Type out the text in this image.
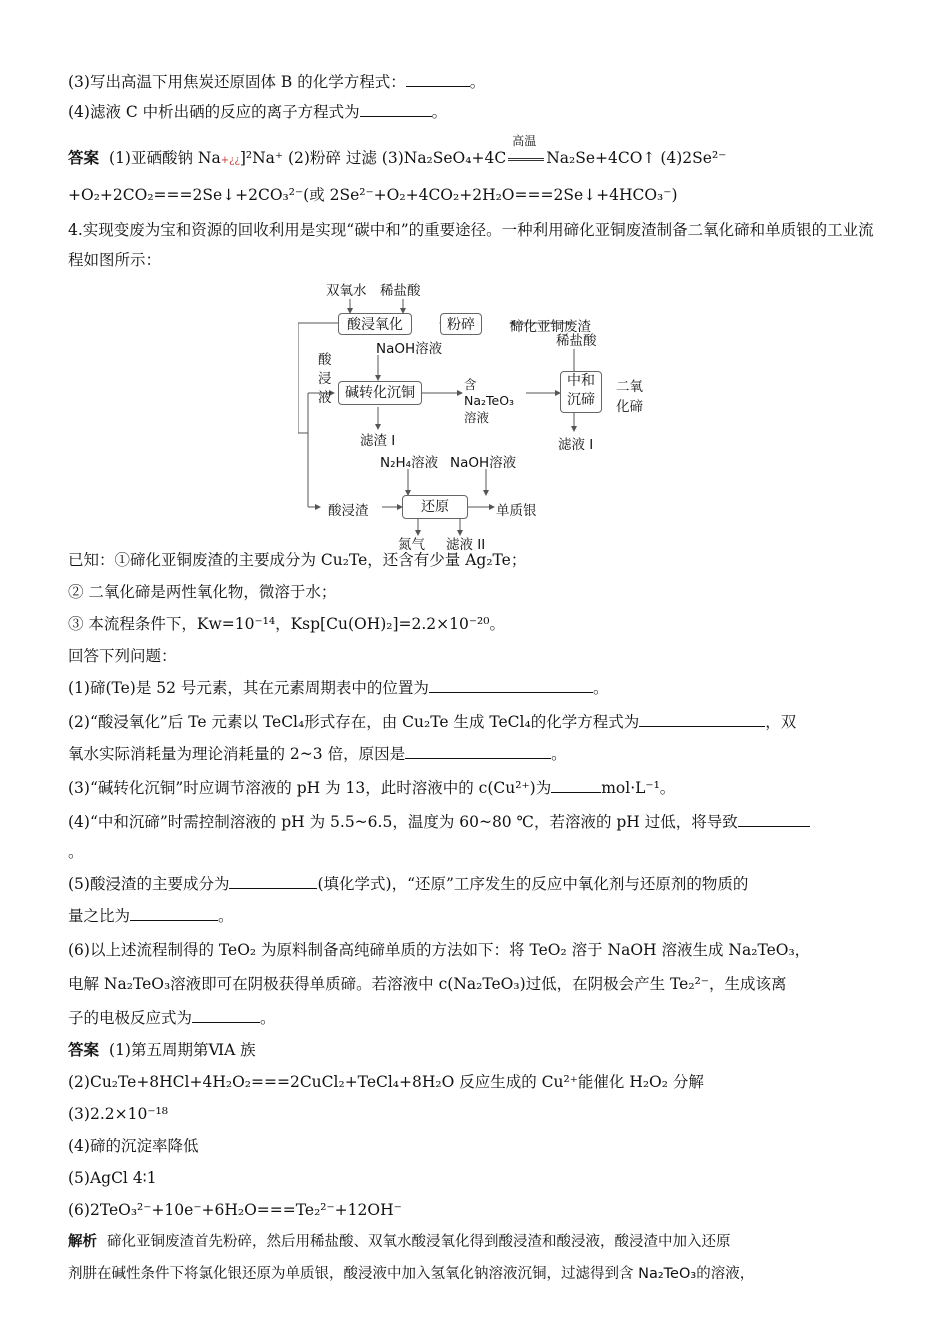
(3)写出高温下用焦炭还原固体 B 的化学方程式：	。

(4)滤液 C 中析出硒的反应的离子方程式为	。

答案 (1)亚硒酸钠 Na+¿¿]²Na⁺ (2)粉碎 过滤 (3)Na₂SeO₄+4C
高温
Na₂Se+4CO↑ (4)2Se²⁻

+O₂+2CO₂===2Se↓+2CO₃²⁻(或 2Se²⁻+O₂+4CO₂+2H₂O===2Se↓+4HCO₃⁻)

4.实现变废为宝和资源的回收利用是实现“碳中和”的重要途径。一种利用碲化亚铜废渣制备二氧化碲和单质银的工业流程如图所示：

双氧水 稀盐酸
酸浸氧化	粉碎	碲化亚铜废渣
NaOH溶液
酸浸液 碱转化沉铜
含Na₂TeO₃溶液
稀盐酸
中和沉碲
二氧化碲
滤渣 I	滤液 I
N₂H₄溶液 NaOH溶液
酸浸渣	还原	单质银
氮气 滤液 II

已知：①碲化亚铜废渣的主要成分为 Cu₂Te，还含有少量 Ag₂Te；

② 二氧化碲是两性氧化物，微溶于水；

③ 本流程条件下，Kw=10⁻¹⁴，Ksp[Cu(OH)₂]=2.2×10⁻²⁰。

回答下列问题：

(1)碲(Te)是 52 号元素，其在元素周期表中的位置为	。

(2)“酸浸氧化”后 Te 元素以 TeCl₄形式存在，由 Cu₂Te 生成 TeCl₄的化学方程式为	，双

氧水实际消耗量为理论消耗量的 2~3 倍，原因是	。

(3)“碱转化沉铜”时应调节溶液的 pH 为 13，此时溶液中的 c(Cu²⁺)为	mol·L⁻¹。

(4)“中和沉碲”时需控制溶液的 pH 为 5.5~6.5，温度为 60~80 ℃，若溶液的 pH 过低，将导致

。

(5)酸浸渣的主要成分为	(填化学式)，“还原”工序发生的反应中氧化剂与还原剂的物质的

量之比为	。

(6)以上述流程制得的 TeO₂ 为原料制备高纯碲单质的方法如下：将 TeO₂ 溶于 NaOH 溶液生成 Na₂TeO₃，

电解 Na₂TeO₃溶液即可在阴极获得单质碲。若溶液中 c(Na₂TeO₃)过低，在阴极会产生 Te₂²⁻，生成该离

子的电极反应式为	。

答案 (1)第五周期第ⅥA 族

(2)Cu₂Te+8HCl+4H₂O₂===2CuCl₂+TeCl₄+8H₂O 反应生成的 Cu²⁺能催化 H₂O₂ 分解

(3)2.2×10⁻¹⁸

(4)碲的沉淀率降低

(5)AgCl 4∶1

(6)2TeO₃²⁻+10e⁻+6H₂O===Te₂²⁻+12OH⁻

解析 碲化亚铜废渣首先粉碎，然后用稀盐酸、双氧水酸浸氧化得到酸浸渣和酸浸液，酸浸渣中加入还原

剂肼在碱性条件下将氯化银还原为单质银，酸浸液中加入氢氧化钠溶液沉铜，过滤得到含 Na₂TeO₃的溶液，
